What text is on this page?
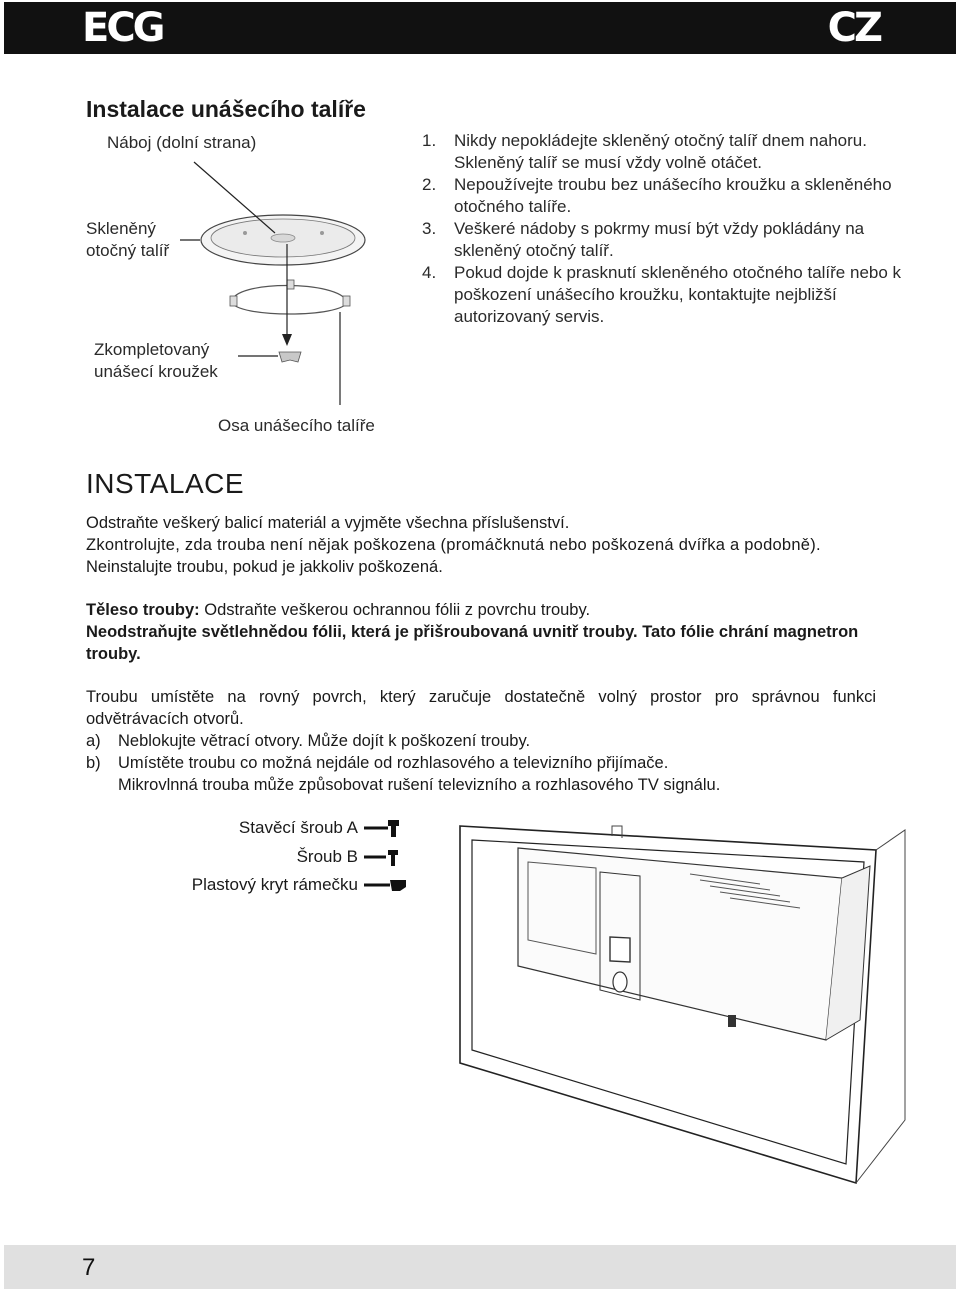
ECG	CZ
Instalace unášecího talíře
Náboj (dolní strana)
Skleněný
otočný talíř
Zkompletovaný
unášecí kroužek
Osa unášecího talíře
1. Nikdy nepokládejte skleněný otočný talíř dnem nahoru. Skleněný talíř se musí vždy volně otáčet.
2. Nepoužívejte troubu bez unášecího kroužku a skleněného otočného talíře.
3. Veškeré nádoby s pokrmy musí být vždy pokládány na skleněný otočný talíř.
4. Pokud dojde k prasknutí skleněného otočného talíře nebo k poškození unášecího kroužku, kontaktujte nejbližší autorizovaný servis.
INSTALACE

Odstraňte veškerý balicí materiál a vyjměte všechna příslušenství.

Zkontrolujte, zda trouba není nějak poškozena (promáčknutá nebo poškozená dvířka a podobně).

Neinstalujte troubu, pokud je jakkoliv poškozená.

Těleso trouby: Odstraňte veškerou ochrannou fólii z povrchu trouby.

Neodstraňujte světlehnědou fólii, která je přišroubovaná uvnitř trouby. Tato fólie chrání magnetron trouby.

Troubu umístěte na rovný povrch, který zaručuje dostatečně volný prostor pro správnou funkci odvětrávacích otvorů.

a) Neblokujte větrací otvory. Může dojít k poškození trouby.
b) Umístěte troubu co možná nejdále od rozhlasového a televizního přijímače.
Mikrovlnná trouba může způsobovat rušení televizního a rozhlasového TV signálu.
Stavěcí šroub A
Šroub B
Plastový kryt rámečku
7
